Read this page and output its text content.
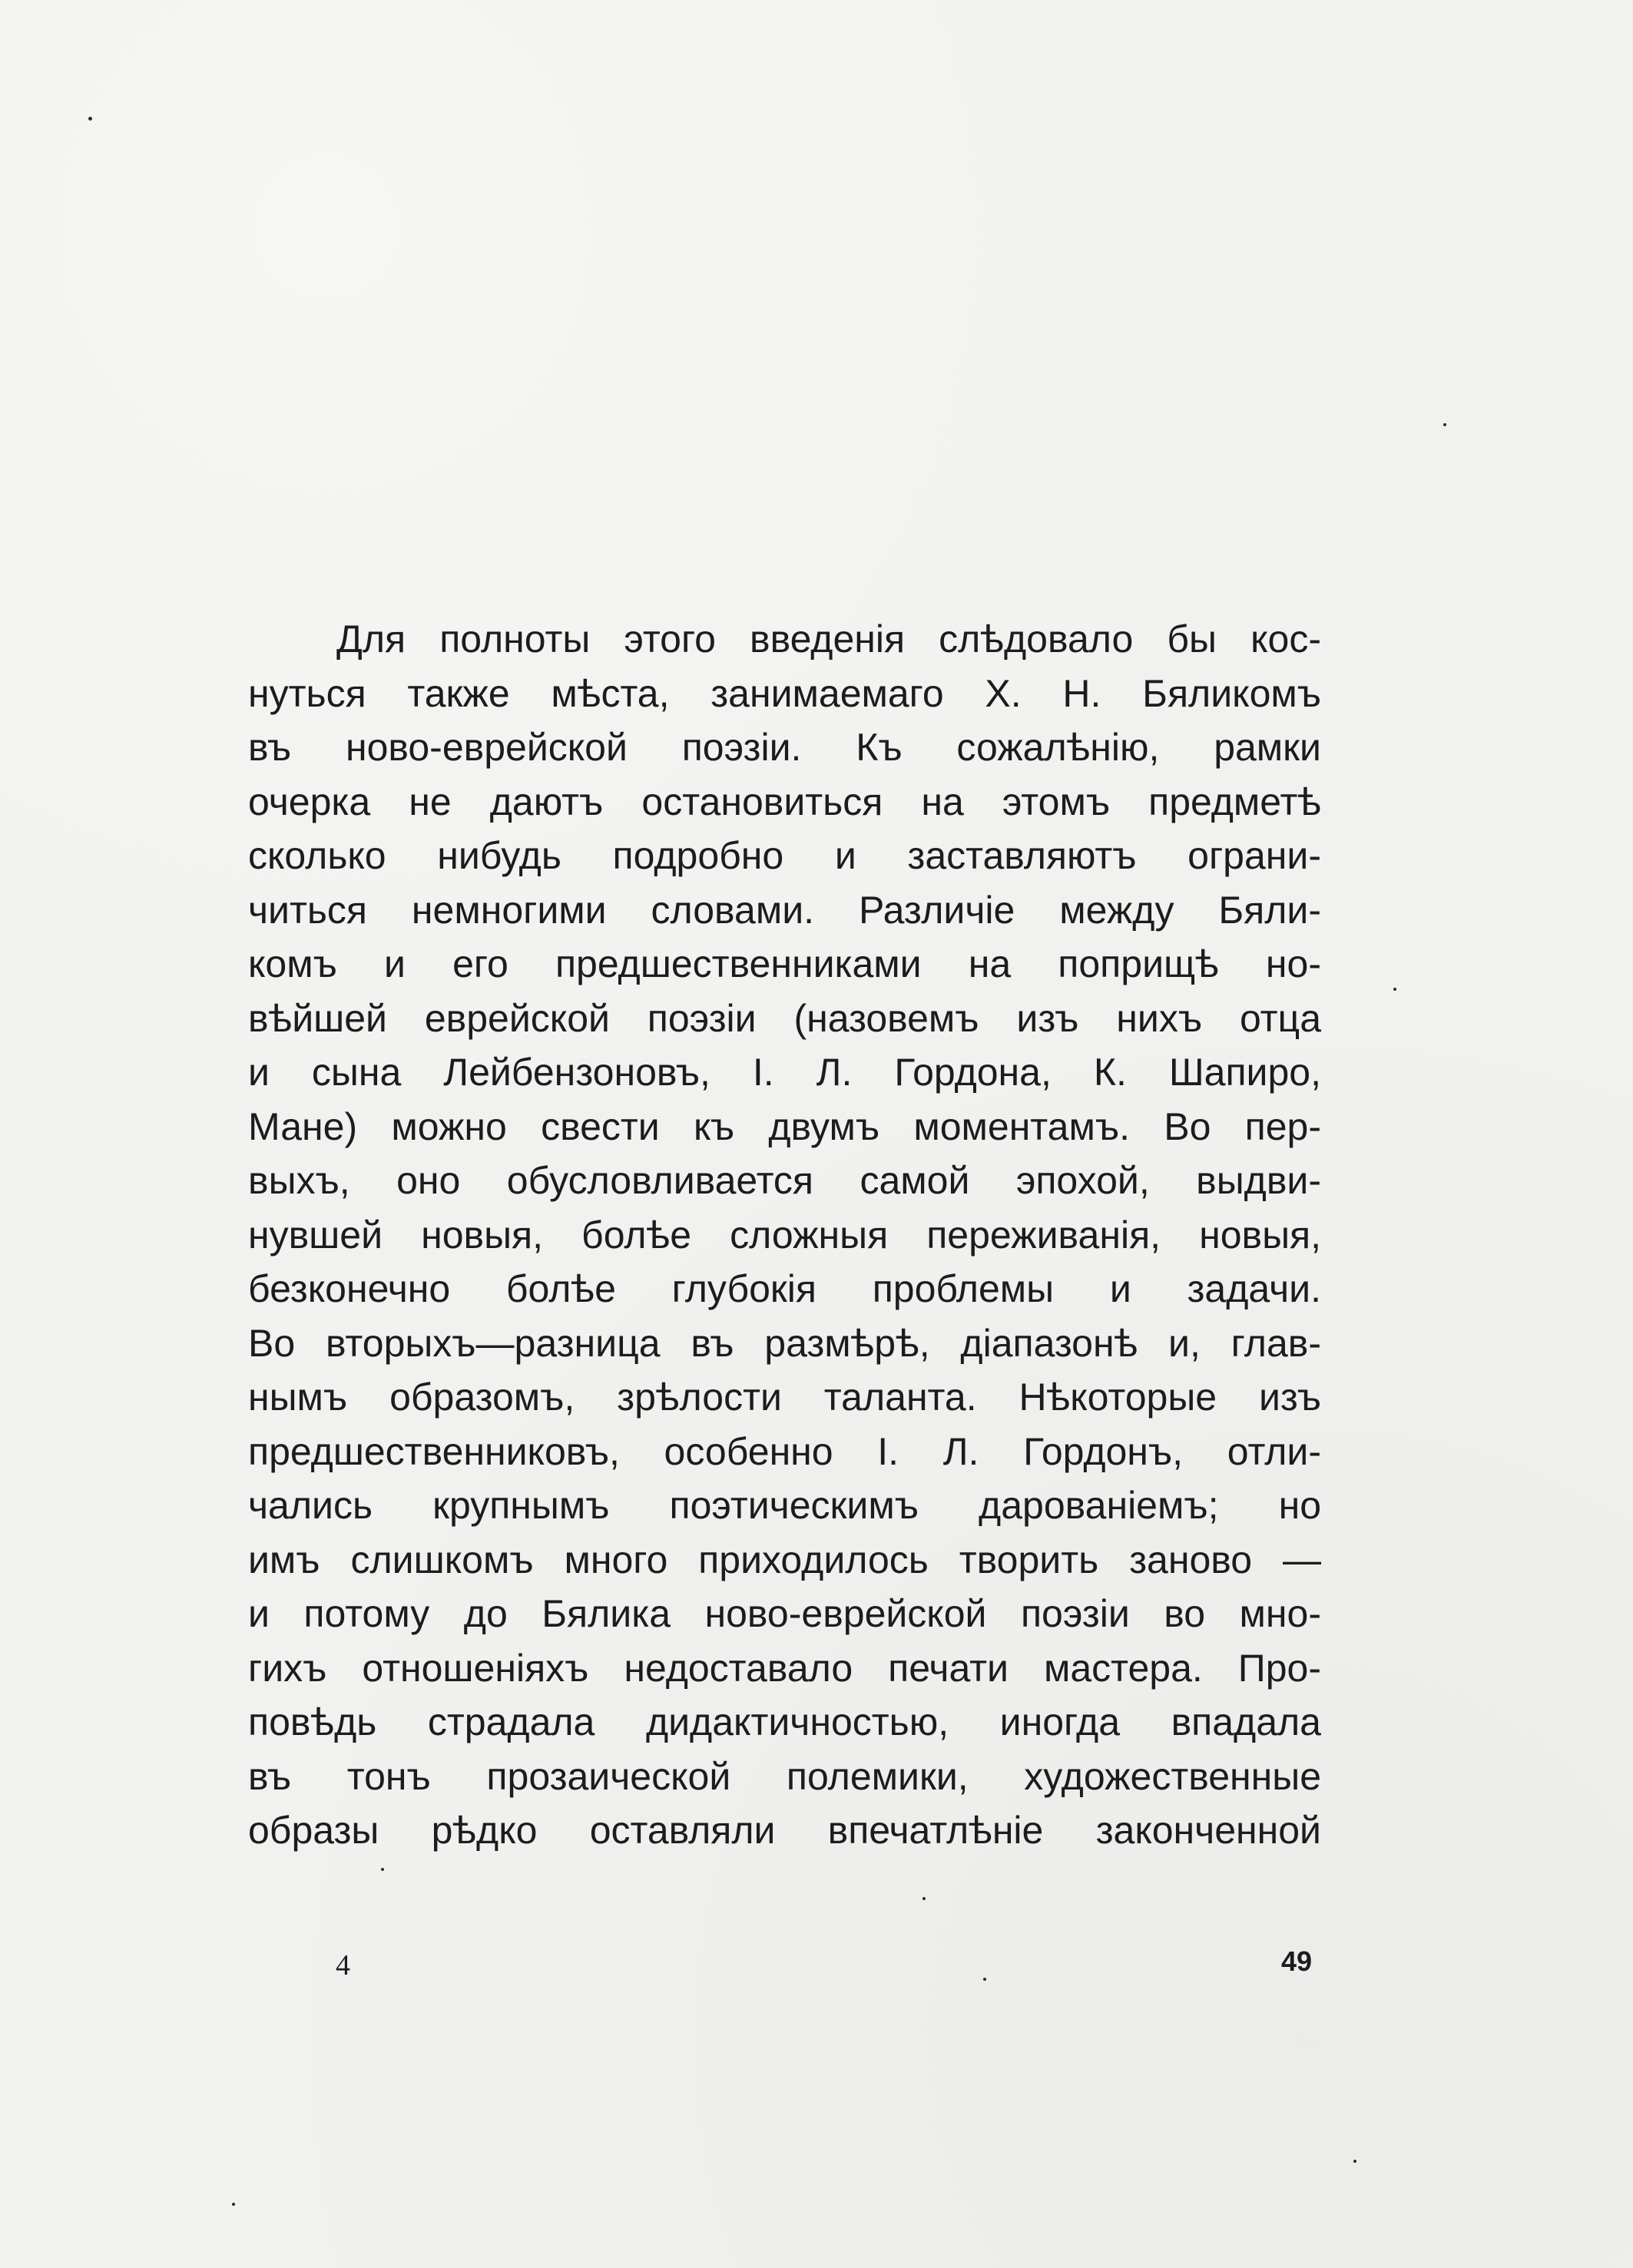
Для полноты этого введенія слѣдовало бы кос-
нуться также мѣста, занимаемаго Х. Н. Бяликомъ
въ ново-еврейской поэзіи. Къ сожалѣнію, рамки
очерка не даютъ остановиться на этомъ предметѣ
сколько нибудь подробно и заставляютъ ограни-
читься немногими словами. Различіе между Бяли-
комъ и его предшественниками на поприщѣ но-
вѣйшей еврейской поэзіи (назовемъ изъ нихъ отца
и сына Лейбензоновъ, І. Л. Гордона, К. Шапиро,
Мане) можно свести къ двумъ моментамъ. Во пер-
выхъ, оно обусловливается самой эпохой, выдви-
нувшей новыя, болѣе сложныя переживанія, новыя,
безконечно болѣе глубокія проблемы и задачи.
Во вторыхъ—разница въ размѣрѣ, діапазонѣ и, глав-
нымъ образомъ, зрѣлости таланта. Нѣкоторые изъ
предшественниковъ, особенно І. Л. Гордонъ, отли-
чались крупнымъ поэтическимъ дарованіемъ; но
имъ слишкомъ много приходилось творить заново —
и потому до Бялика ново-еврейской поэзіи во мно-
гихъ отношеніяхъ недоставало печати мастера. Про-
повѣдь страдала дидактичностью, иногда впадала
въ тонъ прозаической полемики, художественные
образы рѣдко оставляли впечатлѣніе законченной
4	49
